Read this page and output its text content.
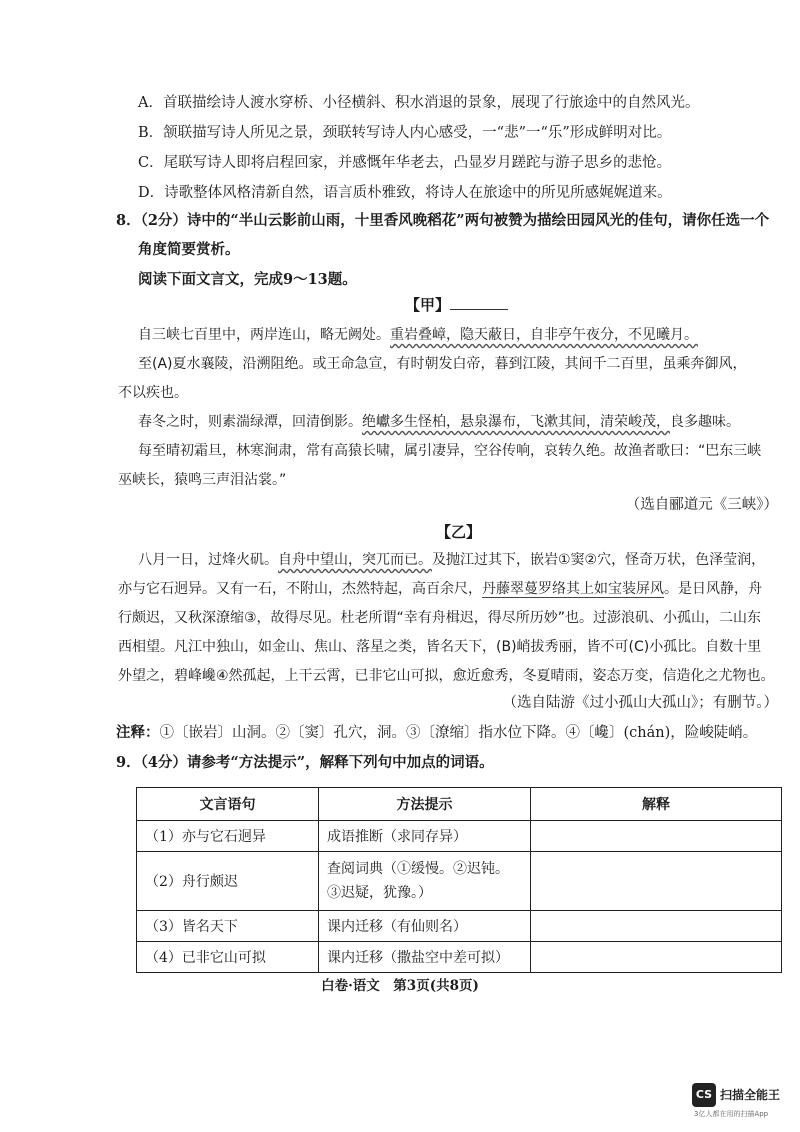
A．首联描绘诗人渡水穿桥、小径横斜、积水消退的景象，展现了行旅途中的自然风光。
B．颔联描写诗人所见之景，颈联转写诗人内心感受，一“悲”一“乐”形成鲜明对比。
C．尾联写诗人即将启程回家，并感慨年华老去，凸显岁月蹉跎与游子思乡的悲怆。
D．诗歌整体风格清新自然，语言质朴雅致，将诗人在旅途中的所见所感娓娓道来。
8．（2分）诗中的“半山云影前山雨，十里香风晚稻花”两句被赞为描绘田园风光的佳句，请你任选一个
角度简要赏析。
阅读下面文言文，完成9～13题。
【甲】
自三峡七百里中，两岸连山，略无阙处。重岩叠嶂，隐天蔽日，自非亭午夜分，不见曦月。
至(A)夏水襄陵，沿溯阻绝。或王命急宣，有时朝发白帝，暮到江陵，其间千二百里，虽乘奔御风，
不以疾也。
春冬之时，则素湍绿潭，回清倒影。绝巘多生怪柏，悬泉瀑布，飞漱其间，清荣峻茂，良多趣味。
每至晴初霜旦，林寒涧肃，常有高猿长啸，属引凄异，空谷传响，哀转久绝。故渔者歌曰：“巴东三峡
巫峡长，猿鸣三声泪沾裳。”
（选自郦道元《三峡》）
【乙】
八月一日，过烽火矶。自舟中望山，突兀而已。及抛江过其下，嵌岩①窦②穴，怪奇万状，色泽莹润，
亦与它石迥异。又有一石，不附山，杰然特起，高百余尺，丹藤翠蔓罗络其上如宝装屏风。是日风静，舟
行颇迟，又秋深潦缩③，故得尽见。杜老所谓“幸有舟楫迟，得尽所历妙”也。过澎浪矶、小孤山，二山东
西相望。凡江中独山，如金山、焦山、落星之类，皆名天下，(B)峭拔秀丽，皆不可(C)小孤比。自数十里
外望之，碧峰巉④然孤起，上干云霄，已非它山可拟，愈近愈秀，冬夏晴雨，姿态万变，信造化之尤物也。
（选自陆游《过小孤山大孤山》；有删节。）
注释：①〔嵌岩〕山洞。②〔窦〕孔穴，洞。③〔潦缩〕指水位下降。④〔巉〕(chán)，险峻陡峭。
9．（4分）请参考“方法提示”，解释下列句中加点的词语。
文言语句	方法提示	解释
（1）亦与它石迥异	成语推断（求同存异）	
（2）舟行颇迟	查阅词典（①缓慢。②迟钝。③迟疑，犹豫。）	
（3）皆名天下	课内迁移（有仙则名）	
（4）已非它山可拟	课内迁移（撒盐空中差可拟）	
白卷·语文　第3页(共8页)
CS 扫描全能王
3亿人都在用的扫描App
